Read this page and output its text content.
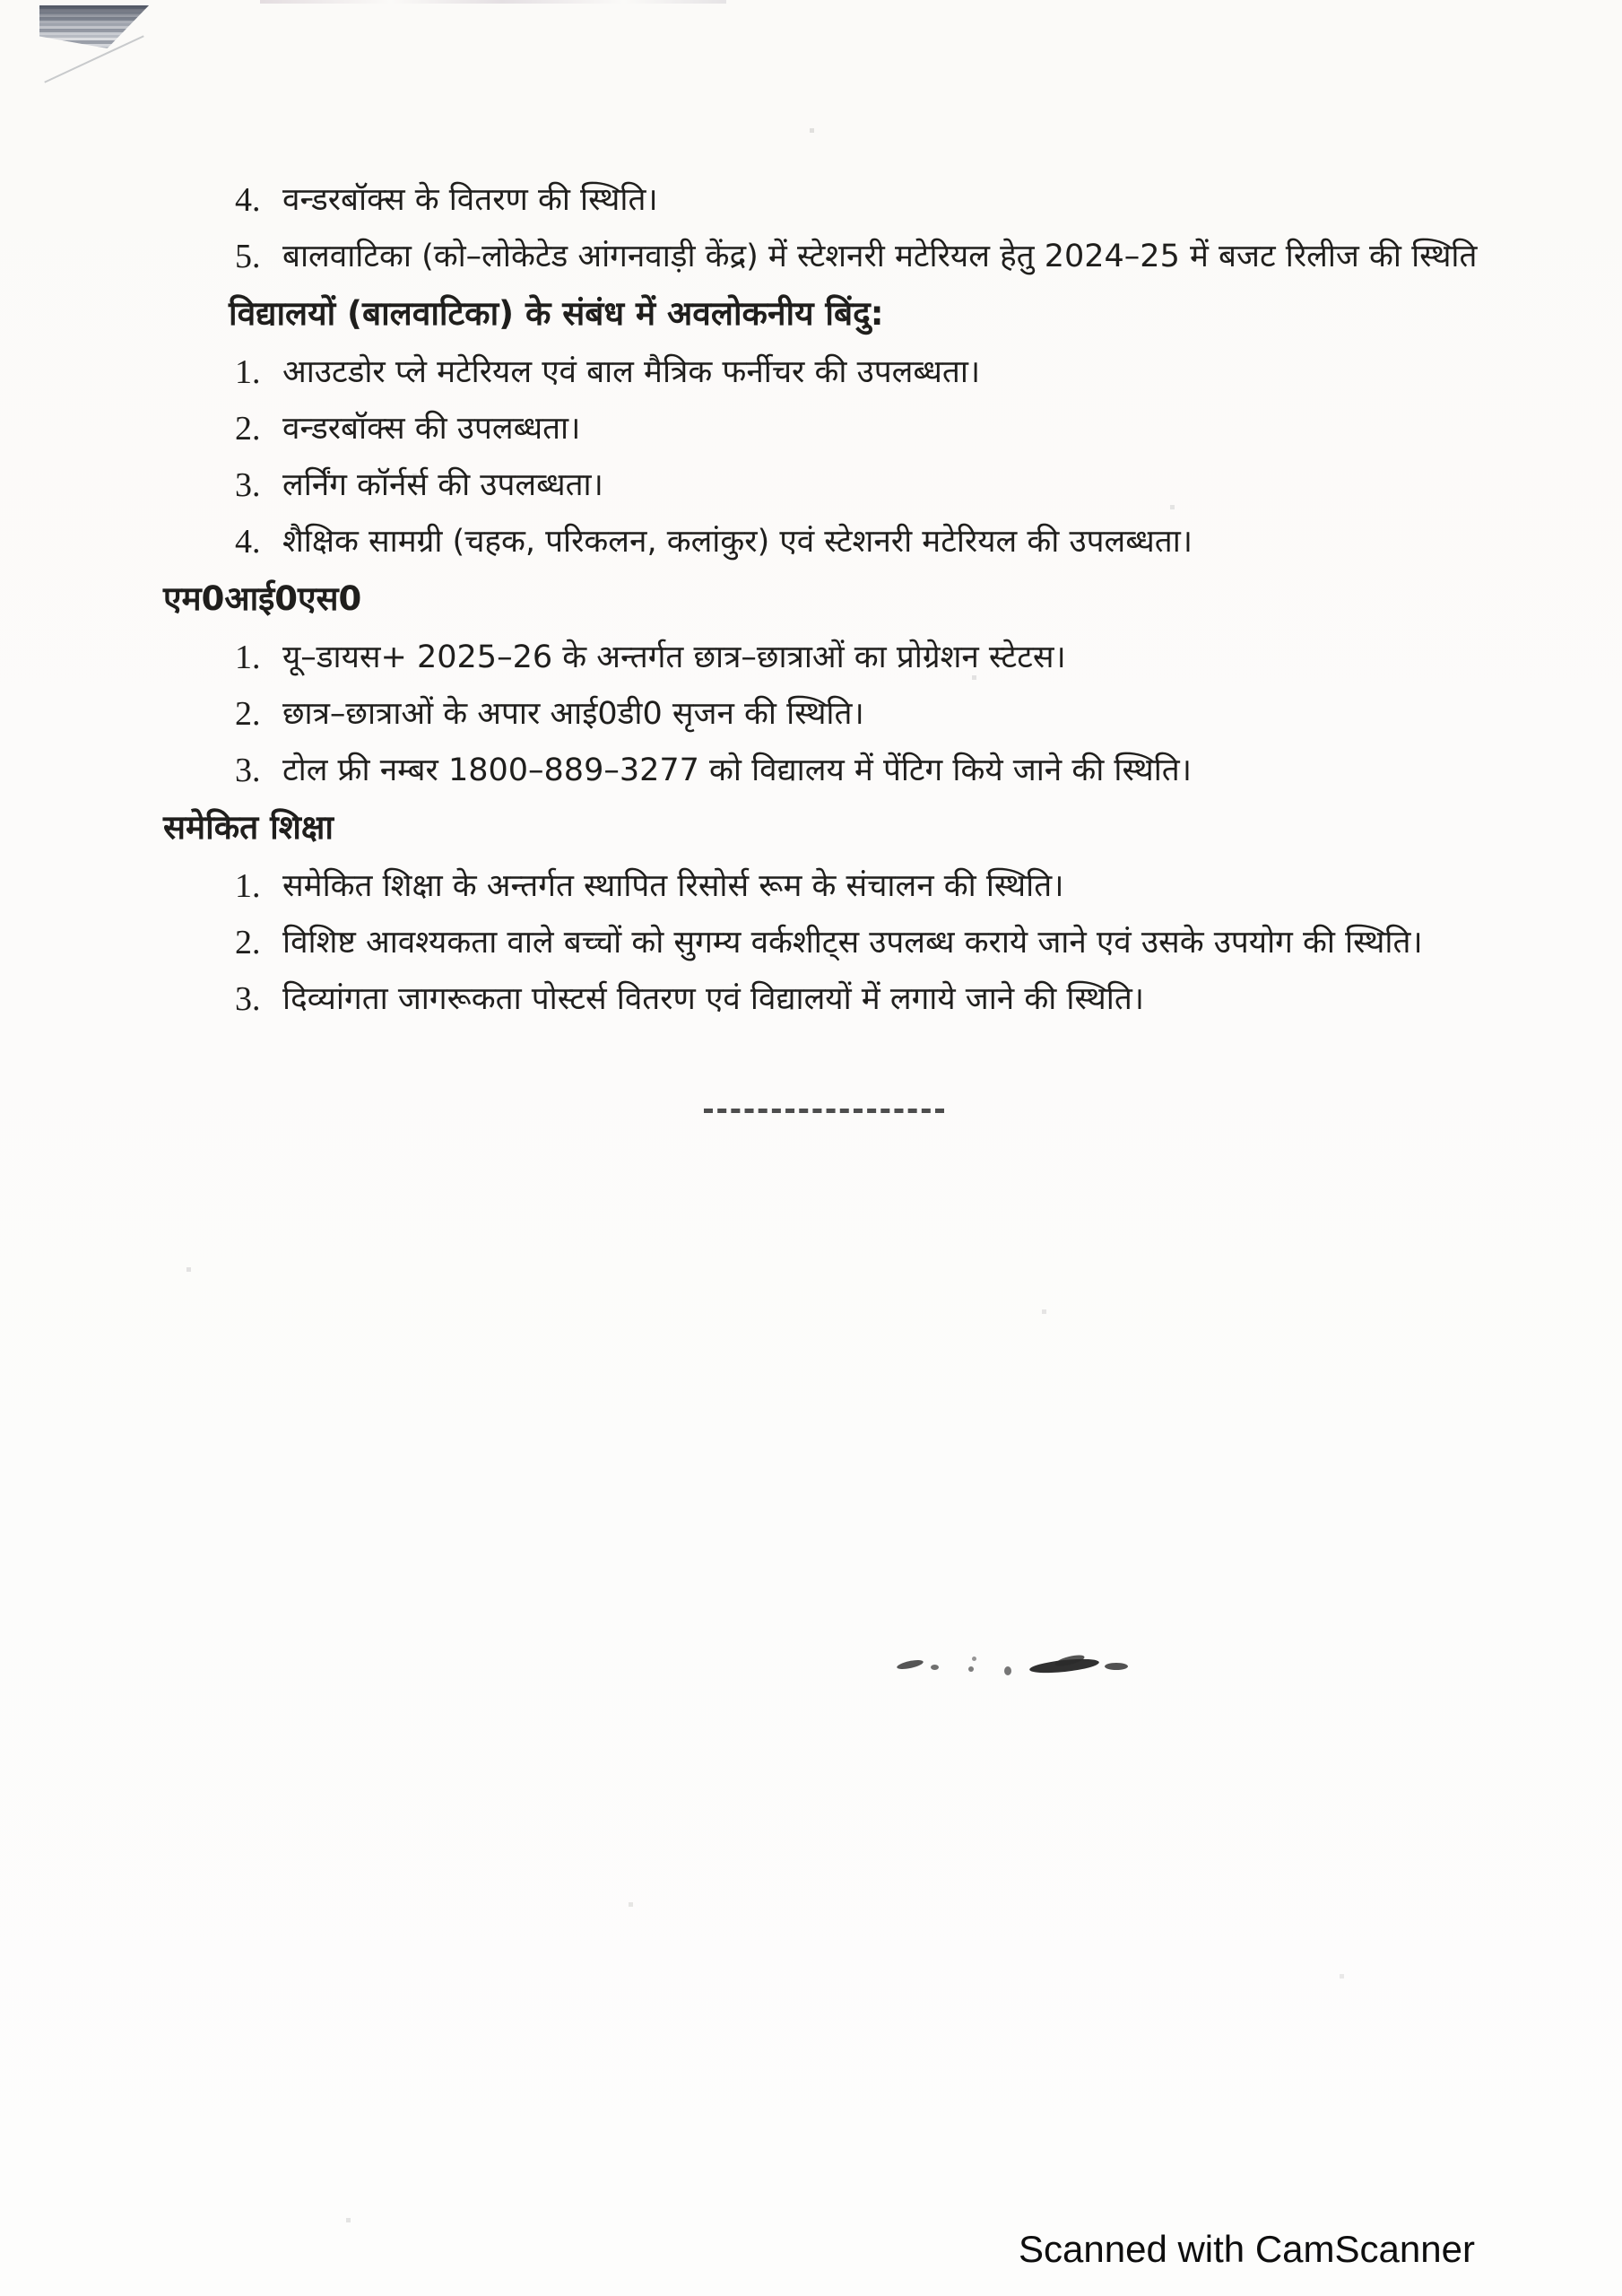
4. वन्डरबॉक्स के वितरण की स्थिति।
5. बालवाटिका (को–लोकेटेड आंगनवाड़ी केंद्र) में स्टेशनरी मटेरियल हेतु 2024–25 में बजट रिलीज की स्थिति
विद्यालयों (बालवाटिका) के संबंध में अवलोकनीय बिंदु:
1. आउटडोर प्ले मटेरियल एवं बाल मैत्रिक फर्नीचर की उपलब्धता।
2. वन्डरबॉक्स की उपलब्धता।
3. लर्निंग कॉर्नर्स की उपलब्धता।
4. शैक्षिक सामग्री (चहक, परिकलन, कलांकुर) एवं स्टेशनरी मटेरियल की उपलब्धता।
एम0आई0एस0
1. यू–डायस+ 2025–26 के अन्तर्गत छात्र–छात्राओं का प्रोग्रेशन स्टेटस।
2. छात्र–छात्राओं के अपार आई0डी0 सृजन की स्थिति।
3. टोल फ्री नम्बर 1800–889–3277 को विद्यालय में पेंटिग किये जाने की स्थिति।
समेकित शिक्षा
1. समेकित शिक्षा के अन्तर्गत स्थापित रिसोर्स रूम के संचालन की स्थिति।
2. विशिष्ट आवश्यकता वाले बच्चों को सुगम्य वर्कशीट्स उपलब्ध कराये जाने एवं उसके उपयोग की स्थिति।
3. दिव्यांगता जागरूकता पोस्टर्स वितरण एवं विद्यालयों में लगाये जाने की स्थिति।
Scanned with CamScanner
